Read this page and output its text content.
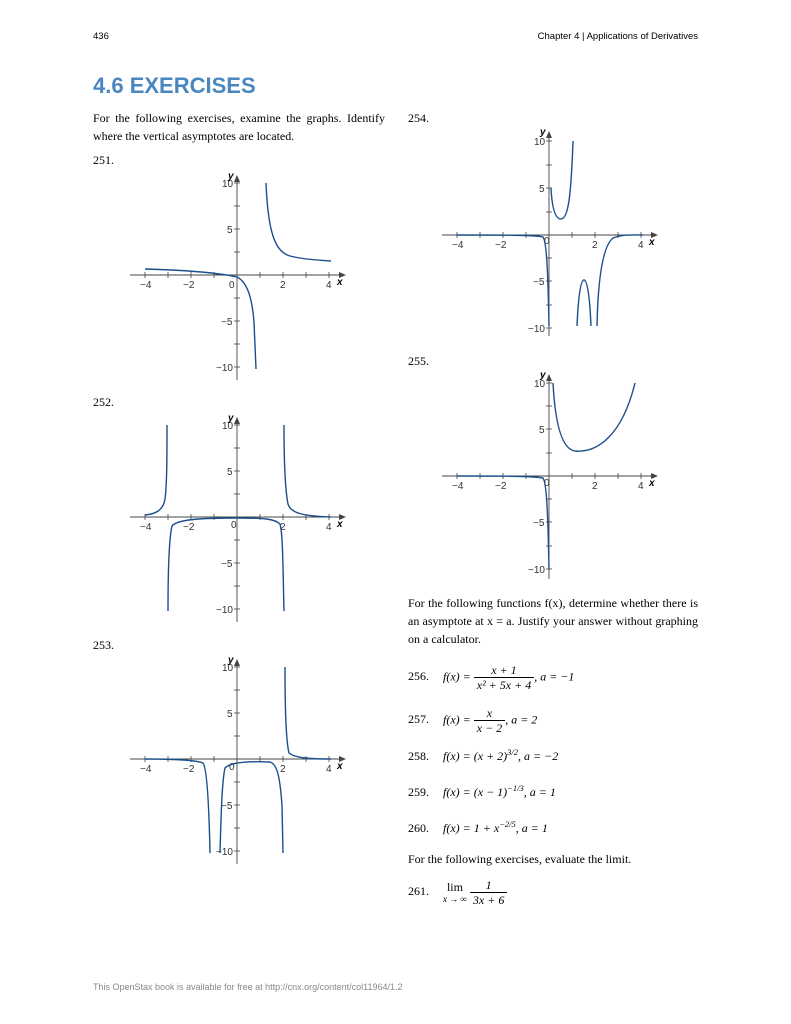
436	Chapter 4 | Applications of Derivatives
4.6 EXERCISES

For the following exercises, examine the graphs. Identify where the vertical asymptotes are located.

251.
252.
253.
254.
255.
−4	−2	2	4
10
5
−5
−10
0	x
y
−4	−2	2	4
10
5
−5
−10
0	x
y
−4	−2	2	4
10
5
−5
−10
0	x
y
−4	−2	2	4
10
5
−5
−10
0	x
y
−4	−2	2	4
10
5
−5
−10
0	x
y

For the following functions f(x), determine whether there is an asymptote at x = a. Justify your answer without graphing on a calculator.

256. $f(x) = \frac{x + 1}{\text{x² + 5x + 4}}$ , a = −1
257. $f(x) = \frac{x}{x - 2}$ , a = 2
258. $f(x) = (x + 2)^{3/2}$, a = −2
259. $f(x) = (x - 1)^{-1/3}$, a = 1
260. $f(x) = 1 + x^{-2/5}$, a = 1
For the following exercises, evaluate the limit.
261.	lim
x → ∞
$\frac{1}{3x + 6}$
This OpenStax book is available for free at http://cnx.org/content/col11964/1.2
